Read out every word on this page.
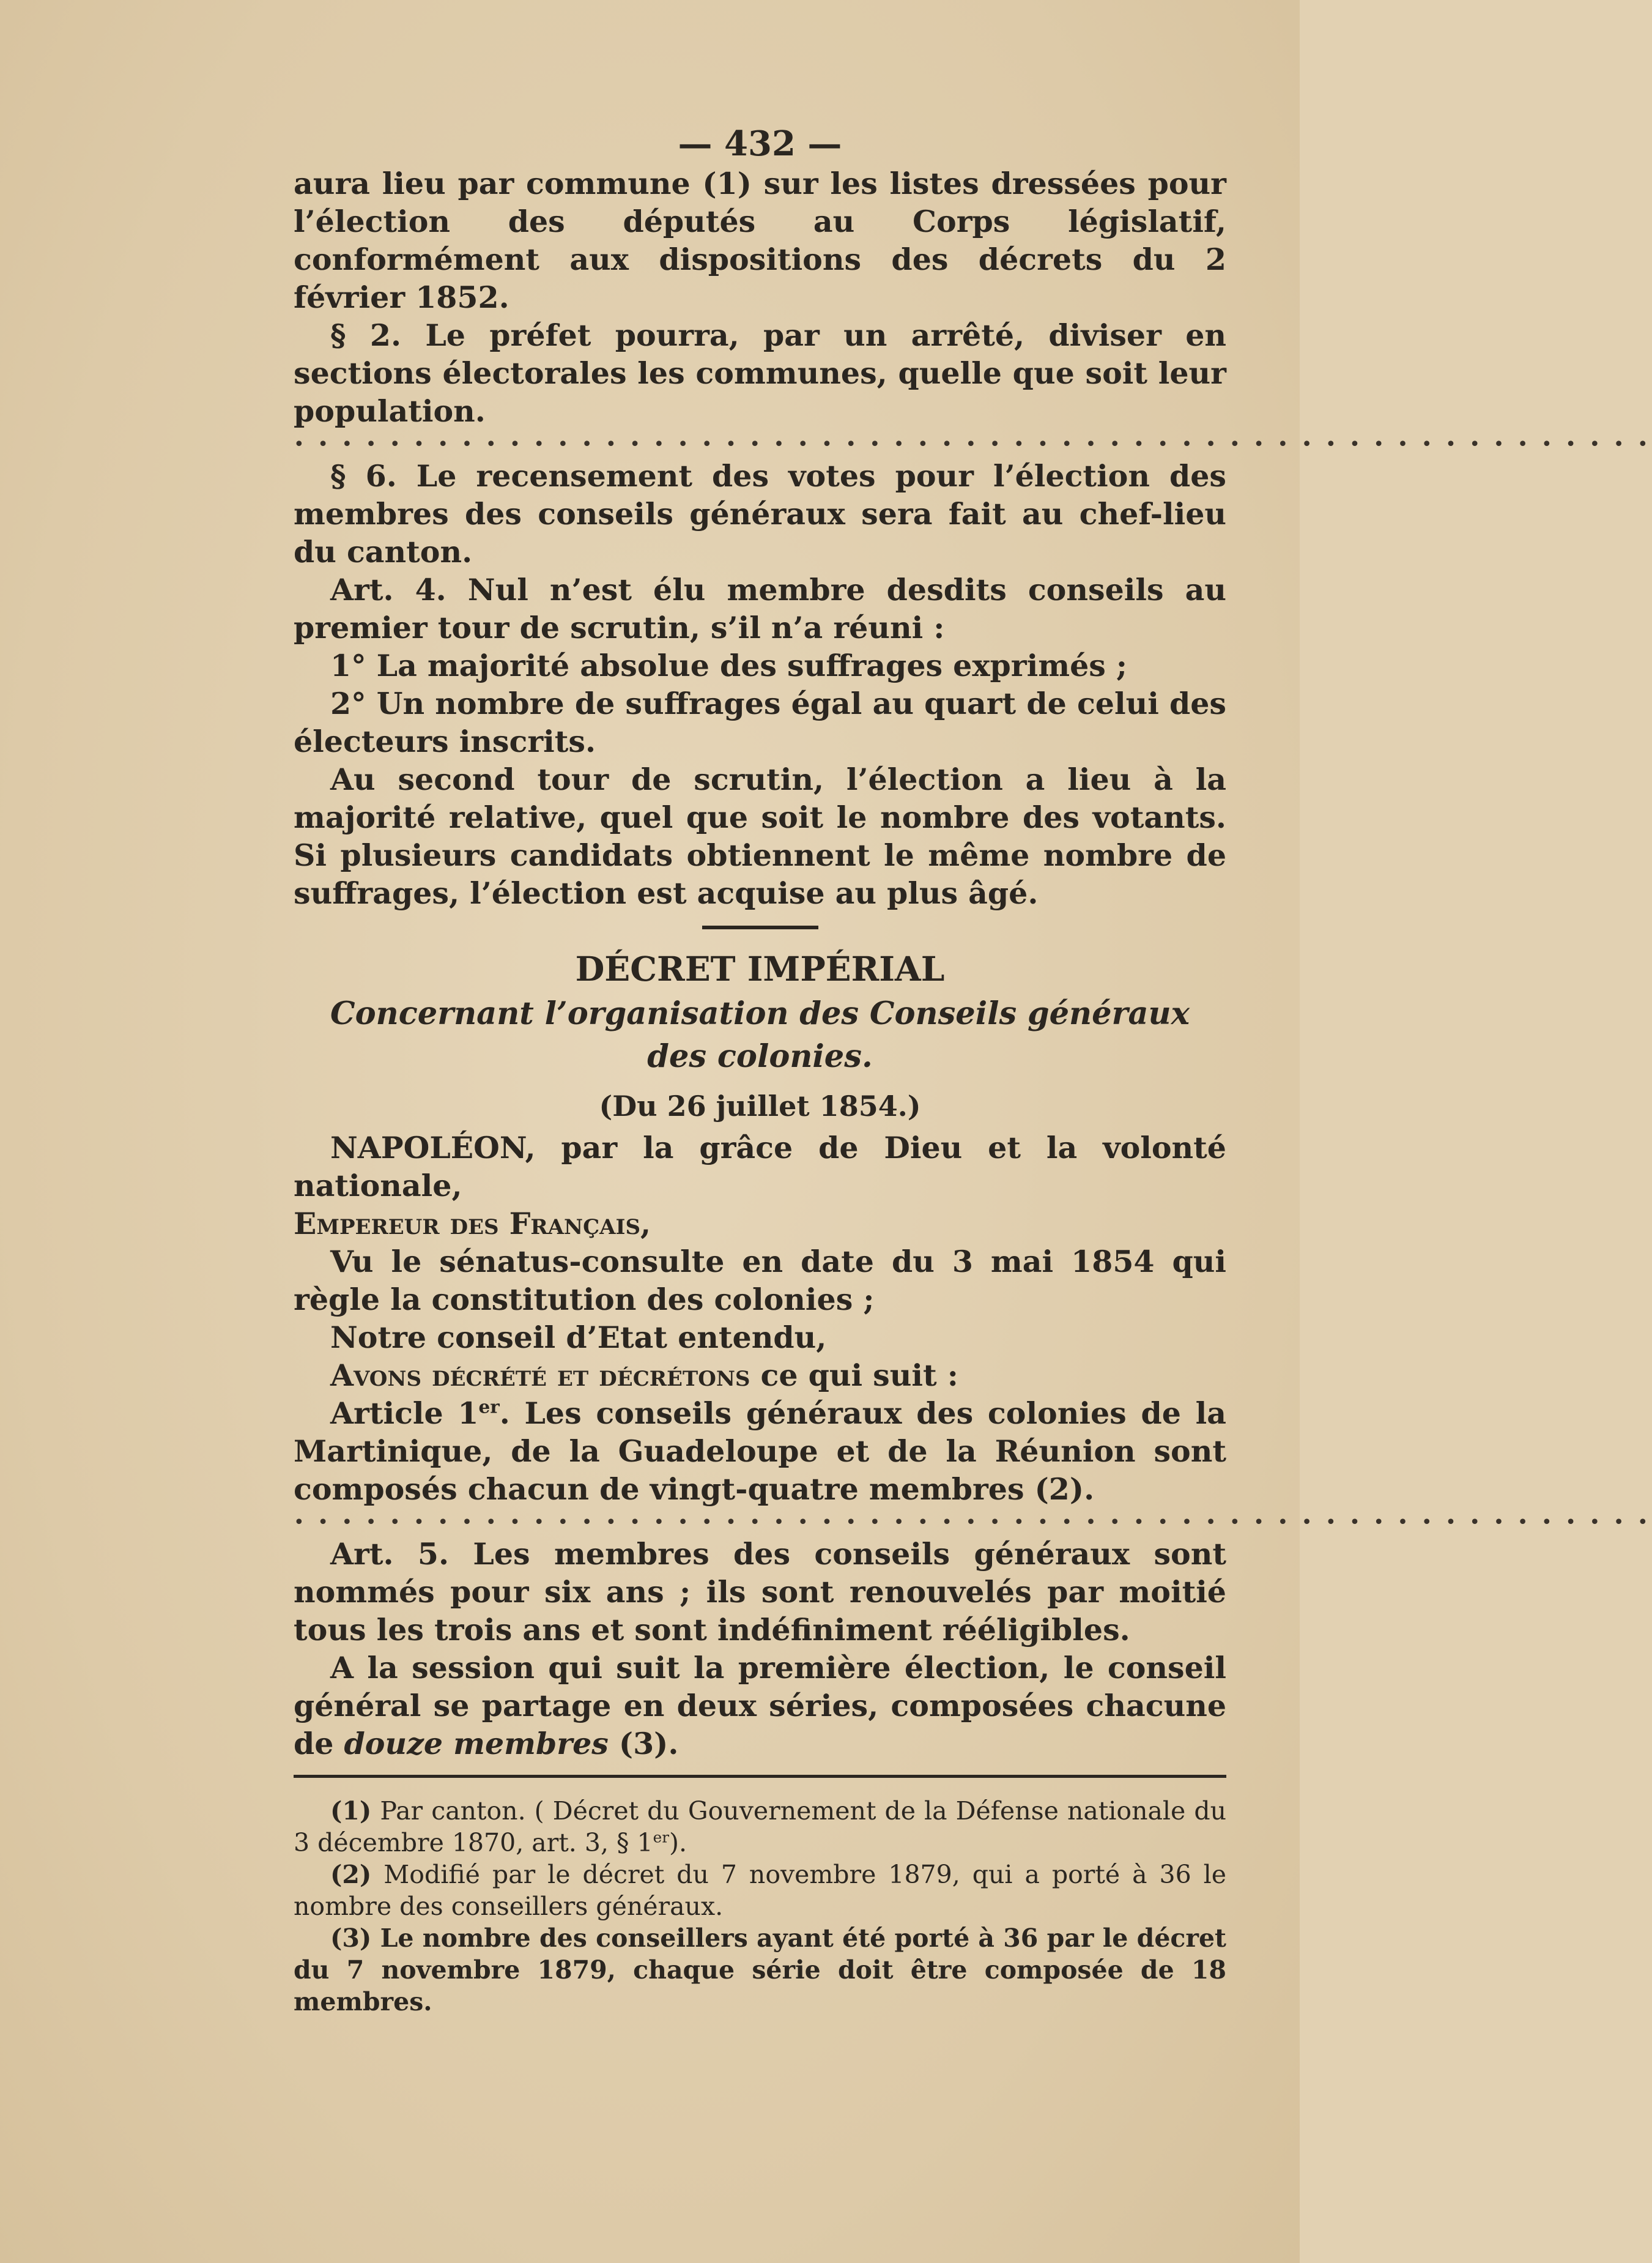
— 432 —

aura lieu par commune (1) sur les listes dressées pour l’élection des députés au Corps législatif, conformément aux dispositions des décrets du 2 février 1852.

§ 2. Le préfet pourra, par un arrêté, diviser en sections électorales les communes, quelle que soit leur population.

• • • • • • • • • • • • • • • • • • • • • • • • • • • • • • • • • • • • • • • • • • • • • • • • • • • • • • • • •

§ 6. Le recensement des votes pour l’élection des membres des conseils généraux sera fait au chef-lieu du canton.

Art. 4. Nul n’est élu membre desdits conseils au premier tour de scrutin, s’il n’a réuni :

1° La majorité absolue des suffrages exprimés ;

2° Un nombre de suffrages égal au quart de celui des électeurs inscrits.

Au second tour de scrutin, l’élection a lieu à la majorité relative, quel que soit le nombre des votants. Si plusieurs candidats obtiennent le même nombre de suffrages, l’élection est acquise au plus âgé.

DÉCRET IMPÉRIAL
Concernant l’organisation des Conseils généraux
des colonies.
(Du 26 juillet 1854.)

NAPOLÉON, par la grâce de Dieu et la volonté nationale,

Empereur des Français,

Vu le sénatus-consulte en date du 3 mai 1854 qui règle la constitution des colonies ;

Notre conseil d’Etat entendu,

Avons décrété et décrétons ce qui suit :

Article 1er. Les conseils généraux des colonies de la Martinique, de la Guadeloupe et de la Réunion sont composés chacun de vingt-quatre membres (2).

• • • • • • • • • • • • • • • • • • • • • • • • • • • • • • • • • • • • • • • • • • • • • • • • • • • • • • • • •

Art. 5. Les membres des conseils généraux sont nommés pour six ans ; ils sont renouvelés par moitié tous les trois ans et sont indéfiniment rééligibles.

A la session qui suit la première élection, le conseil général se partage en deux séries, composées chacune de douze membres (3).

(1) Par canton. ( Décret du Gouvernement de la Défense nationale du 3 décembre 1870, art. 3, § 1er).

(2) Modifié par le décret du 7 novembre 1879, qui a porté à 36 le nombre des conseillers généraux.

(3) Le nombre des conseillers ayant été porté à 36 par le décret du 7 novembre 1879, chaque série doit être composée de 18 membres.
